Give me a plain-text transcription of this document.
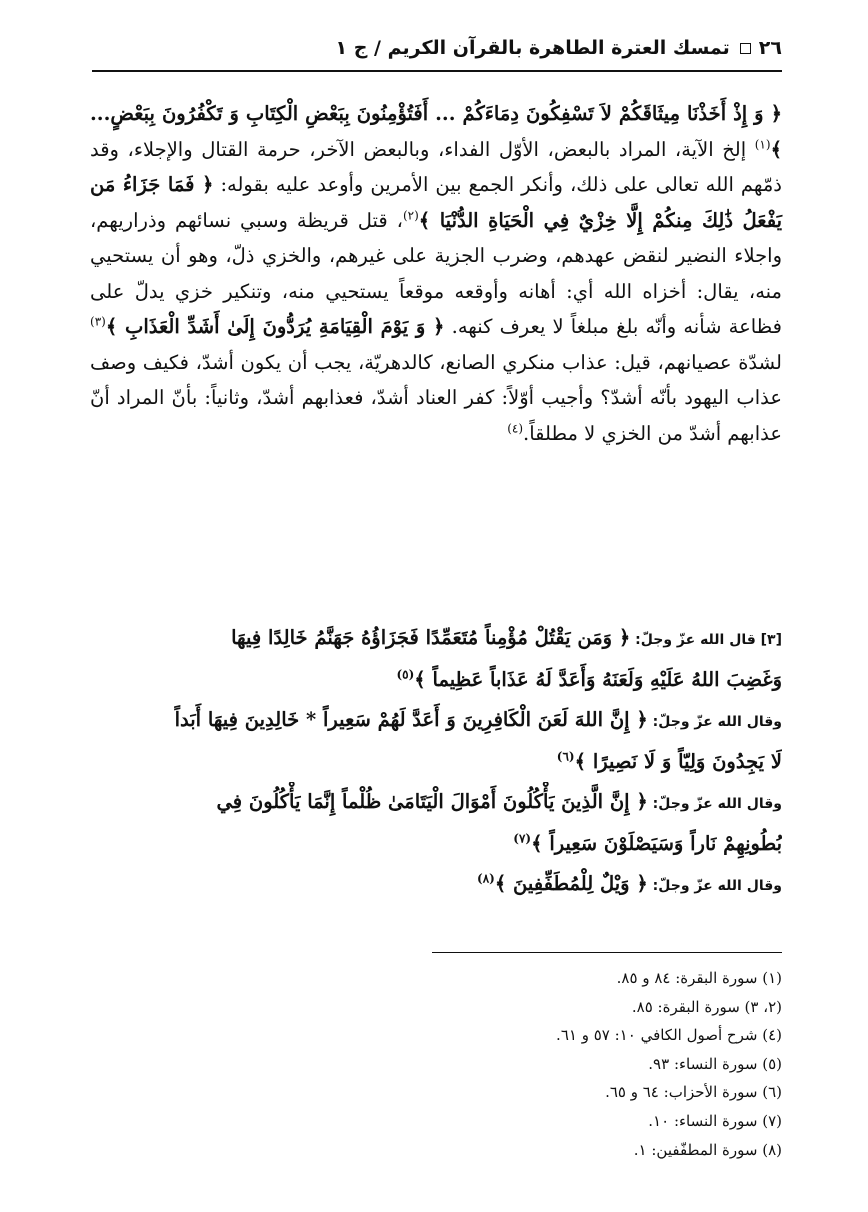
٢٦
تمسك العترة الطاهرة بالقرآن الكريم / ج ١

﴿ وَ إِذْ أَخَذْنَا مِيثَاقَكُمْ لاَ تَسْفِكُونَ دِمَاءَكُمْ ... أَفَتُؤْمِنُونَ بِبَعْضِ الْكِتَابِ وَ تَكْفُرُونَ بِبَعْضٍ... ﴾$^{(١)}$ إلخ الآية، المراد بالبعض، الأوّل الفداء، وبالبعض الآخر، حرمة القتال والإجلاء، وقد ذمّهم الله تعالى على ذلك، وأنكر الجمع بين الأمرين وأوعد عليه بقوله: ﴿ فَمَا جَزَاءُ مَن يَفْعَلُ ذَٰلِكَ مِنكُمْ إِلَّا خِزْيٌ فِي الْحَيَاةِ الدُّنْيَا ﴾$^{(٢)}$، قتل قريظة وسبي نسائهم وذراريهم، واجلاء النضير لنقض عهدهم، وضرب الجزية على غيرهم، والخزي ذلّ، وهو أن يستحيي منه، يقال: أخزاه الله أي: أهانه وأوقعه موقعاً يستحيي منه، وتنكير خزي يدلّ على فظاعة شأنه وأنّه بلغ مبلغاً لا يعرف كنهه. ﴿ وَ يَوْمَ الْقِيَامَةِ يُرَدُّونَ إِلَىٰ أَشَدِّ الْعَذَابِ ﴾$^{(٣)}$ لشدّة عصيانهم، قيل: عذاب منكري الصانع، كالدهريّة، يجب أن يكون أشدّ، فكيف وصف عذاب اليهود بأنّه أشدّ؟ وأجيب أوّلاً: كفر العناد أشدّ، فعذابهم أشدّ، وثانياً: بأنّ المراد أنّ عذابهم أشدّ من الخزي لا مطلقاً.$^{(٤)}$

[٣] قال الله عزّ وجلّ: ﴿ وَمَن يَقْتُلْ مُؤْمِناً مُتَعَمِّدًا فَجَزَاؤُهُ جَهَنَّمُ خَالِدًا فِيهَا
وَغَضِبَ اللهُ عَلَيْهِ وَلَعَنَهُ وَأَعَدَّ لَهُ عَذَاباً عَظِيماً ﴾$^{(٥)}$
وقال الله عزّ وجلّ: ﴿ إِنَّ اللهَ لَعَنَ الْكَافِرِينَ وَ أَعَدَّ لَهُمْ سَعِيراً * خَالِدِينَ فِيهَا أَبَداً
لَا يَجِدُونَ وَلِيّاً وَ لَا نَصِيرًا ﴾$^{(٦)}$
وقال الله عزّ وجلّ: ﴿ إِنَّ الَّذِينَ يَأْكُلُونَ أَمْوَالَ الْيَتَامَىٰ ظُلْماً إِنَّمَا يَأْكُلُونَ فِي
بُطُونِهِمْ نَاراً وَسَيَصْلَوْنَ سَعِيراً ﴾$^{(٧)}$
وقال الله عزّ وجلّ: ﴿ وَيْلٌ لِلْمُطَفِّفِينَ ﴾$^{(٨)}$
(١) سورة البقرة: ٨٤ و ٨٥.
(٢، ٣) سورة البقرة: ٨٥.
(٤) شرح أصول الكافي ١٠: ٥٧ و ٦١.
(٥) سورة النساء: ٩٣.
(٦) سورة الأحزاب: ٦٤ و ٦٥.
(٧) سورة النساء: ١٠.
(٨) سورة المطفّفين: ١.
